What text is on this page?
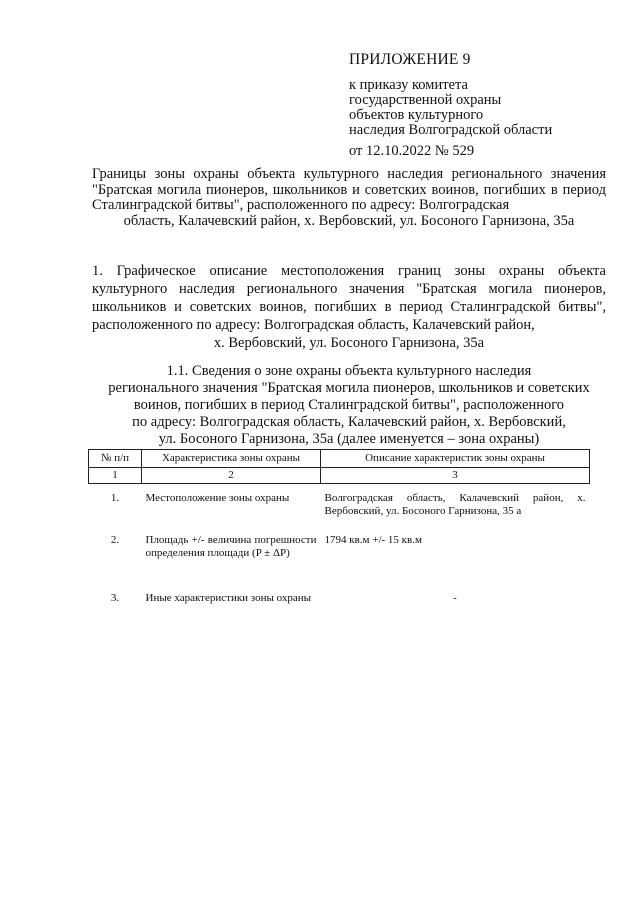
ПРИЛОЖЕНИЕ 9
к приказу комитета
государственной охраны
объектов культурного
наследия Волгоградской области
от 12.10.2022 № 529
Границы зоны охраны объекта культурного наследия регионального значения "Братская могила пионеров, школьников и советских воинов, погибших в период Сталинградской битвы", расположенного по адресу: Волгоградская
область, Калачевский район, х. Вербовский, ул. Босоного Гарнизона, 35а
1. Графическое описание местоположения границ зоны охраны объекта культурного наследия регионального значения "Братская могила пионеров, школьников и советских воинов, погибших в период Сталинградской битвы", расположенного по адресу: Волгоградская область, Калачевский район,
х. Вербовский, ул. Босоного Гарнизона, 35а
1.1. Сведения о зоне охраны объекта культурного наследия
регионального значения "Братская могила пионеров, школьников и советских
воинов, погибших в период Сталинградской битвы", расположенного
по адресу: Волгоградская область, Калачевский район, х. Вербовский,
ул. Босоного Гарнизона, 35а (далее именуется – зона охраны)
№ п/п	Характеристика зоны охраны	Описание характеристик зоны охраны
1	2	3
1.	Местоположение зоны охраны	Волгоградская область, Калачевский район, х. Вербовский, ул. Босоного Гарнизона, 35 а
2.	Площадь +/- величина погрешности определения площади (P ± ΔP)	1794 кв.м +/- 15 кв.м
3.	Иные характеристики зоны охраны	-
